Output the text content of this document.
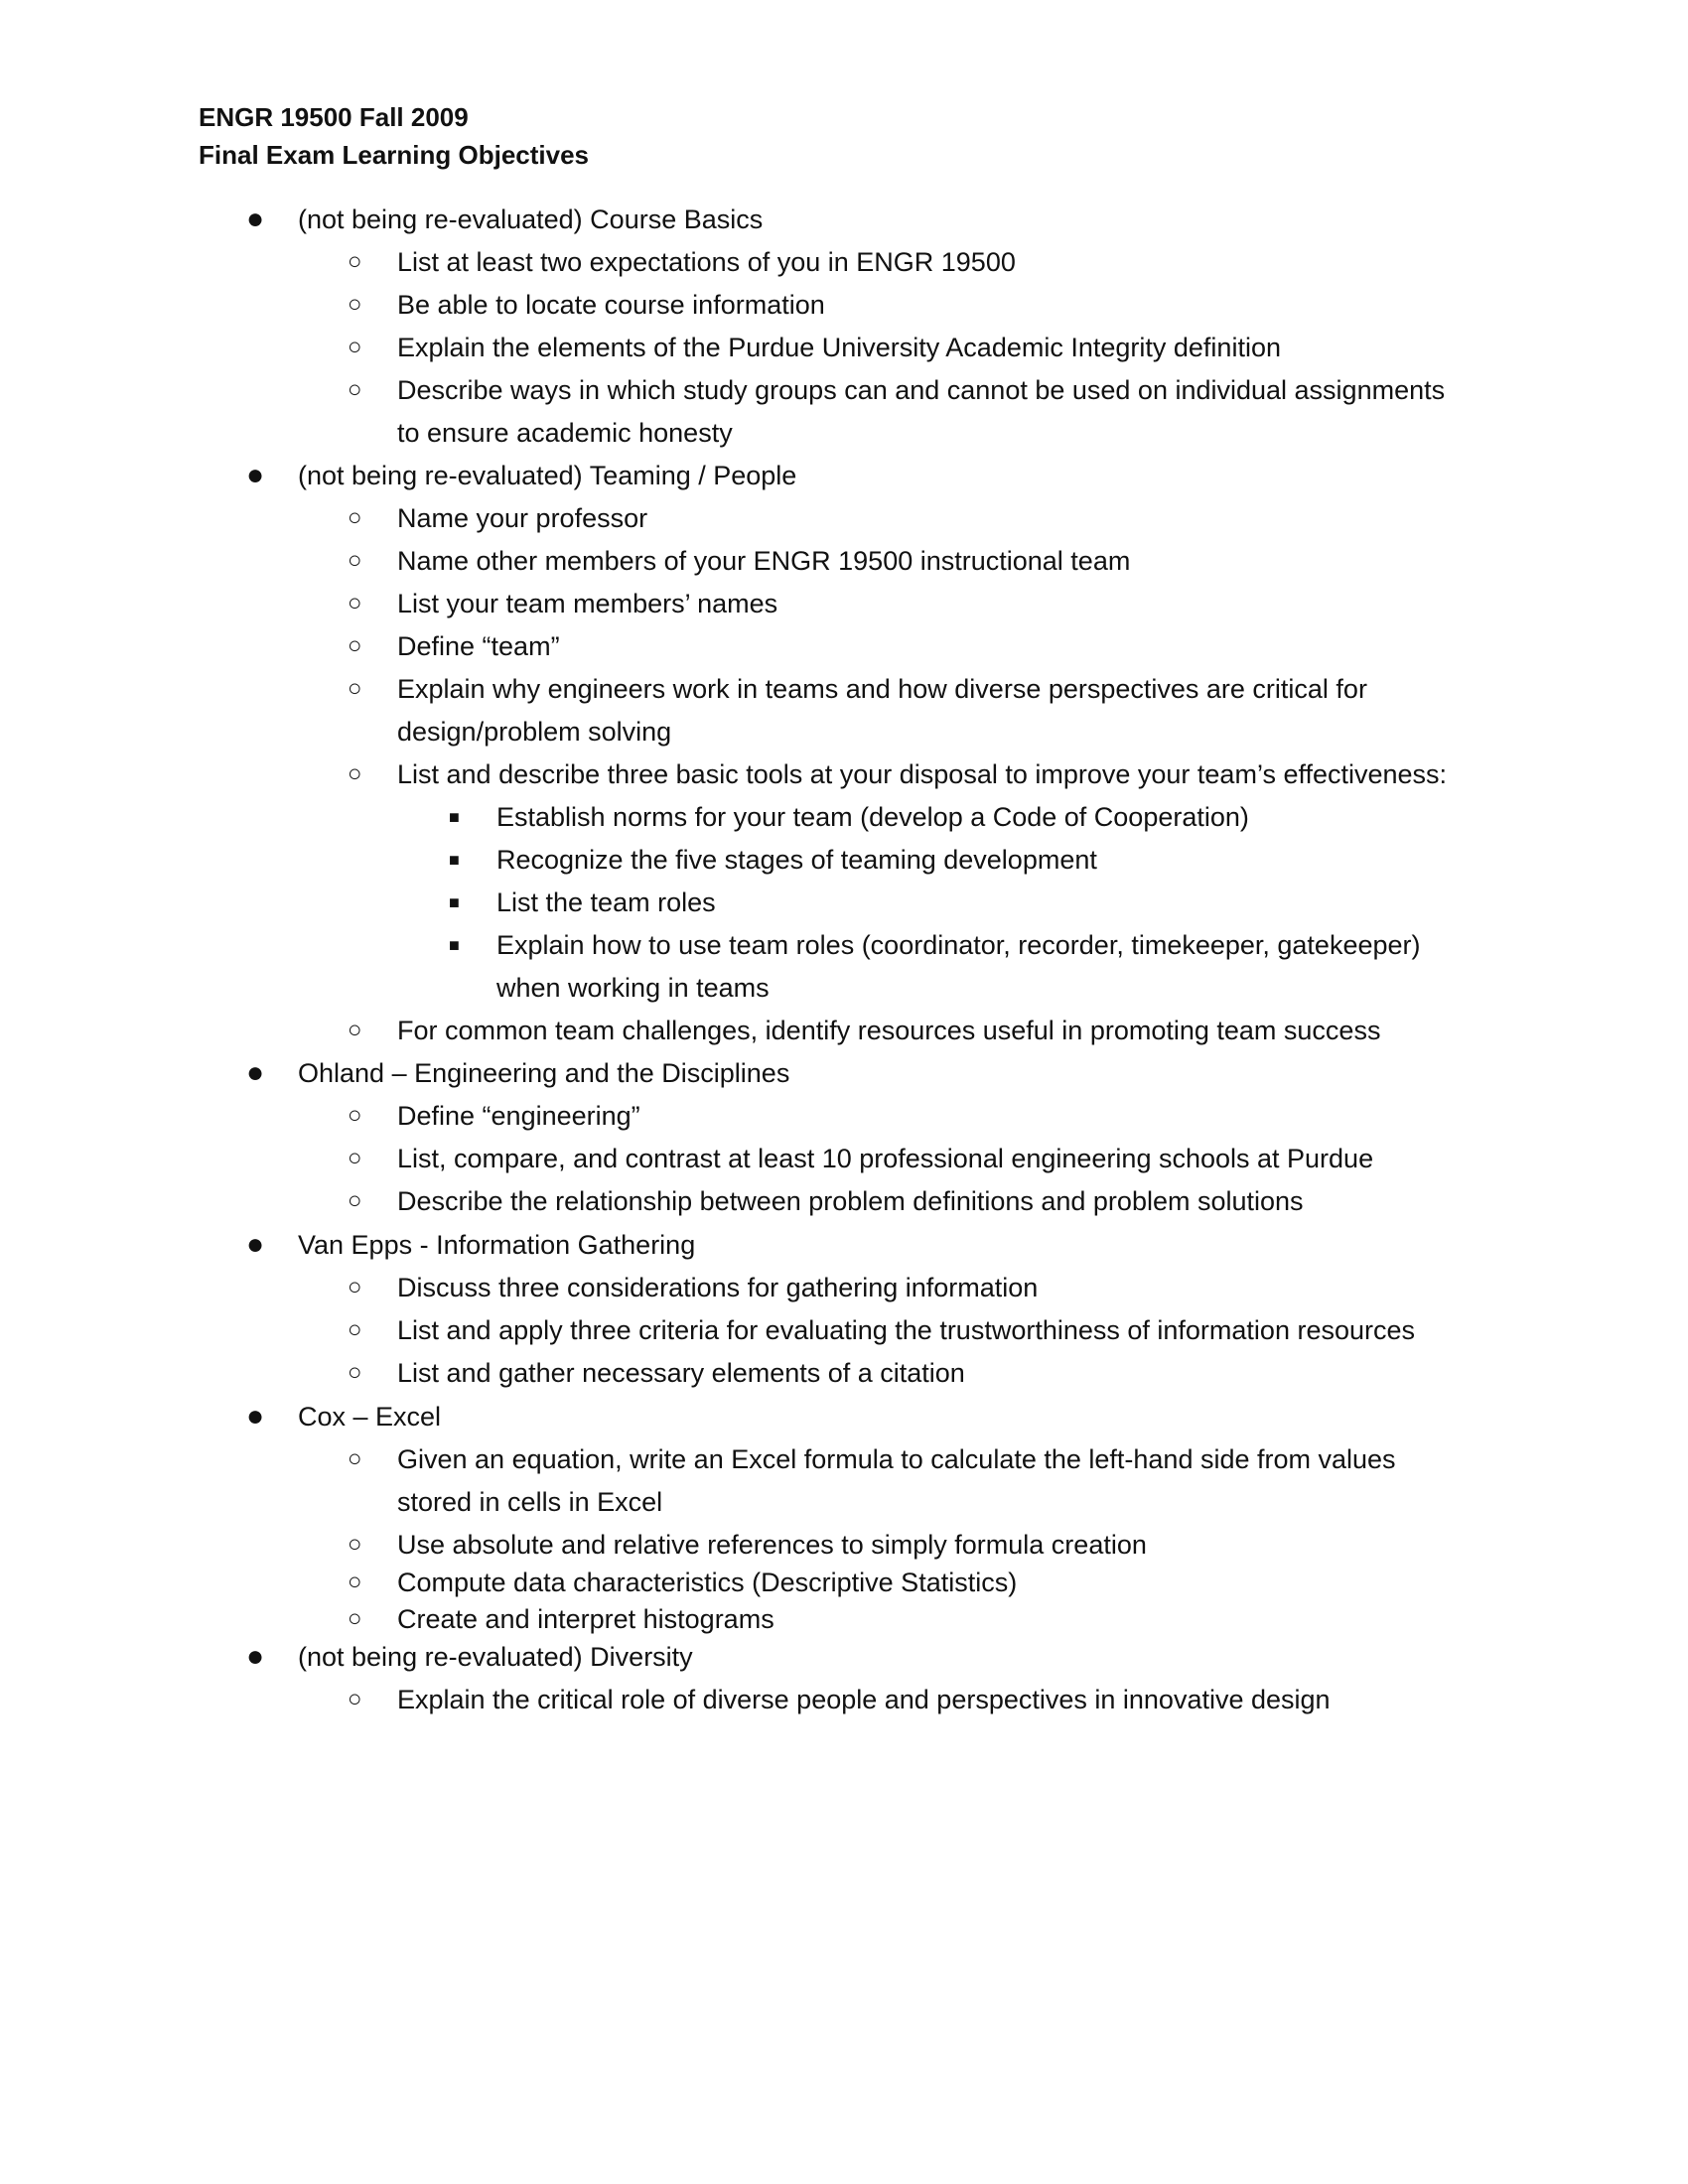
ENGR 19500 Fall 2009
Final Exam Learning Objectives
● (not being re-evaluated) Course Basics
○ List at least two expectations of you in ENGR 19500
○ Be able to locate course information
○ Explain the elements of the Purdue University Academic Integrity definition
○ Describe ways in which study groups can and cannot be used on individual assignments
to ensure academic honesty
● (not being re-evaluated) Teaming / People
○ Name your professor
○ Name other members of your ENGR 19500 instructional team
○ List your team members’ names
○ Define “team”
○ Explain why engineers work in teams and how diverse perspectives are critical for
design/problem solving
○ List and describe three basic tools at your disposal to improve your team’s effectiveness:
■ Establish norms for your team (develop a Code of Cooperation)
■ Recognize the five stages of teaming development
■ List the team roles
■ Explain how to use team roles (coordinator, recorder, timekeeper, gatekeeper)
when working in teams
○ For common team challenges, identify resources useful in promoting team success
● Ohland – Engineering and the Disciplines
○ Define “engineering”
○ List, compare, and contrast at least 10 professional engineering schools at Purdue
○ Describe the relationship between problem definitions and problem solutions
● Van Epps - Information Gathering
○ Discuss three considerations for gathering information
○ List and apply three criteria for evaluating the trustworthiness of information resources
○ List and gather necessary elements of a citation
● Cox – Excel
○ Given an equation, write an Excel formula to calculate the left-hand side from values
stored in cells in Excel
○ Use absolute and relative references to simply formula creation
○ Compute data characteristics (Descriptive Statistics)
○ Create and interpret histograms
● (not being re-evaluated) Diversity
○ Explain the critical role of diverse people and perspectives in innovative design
